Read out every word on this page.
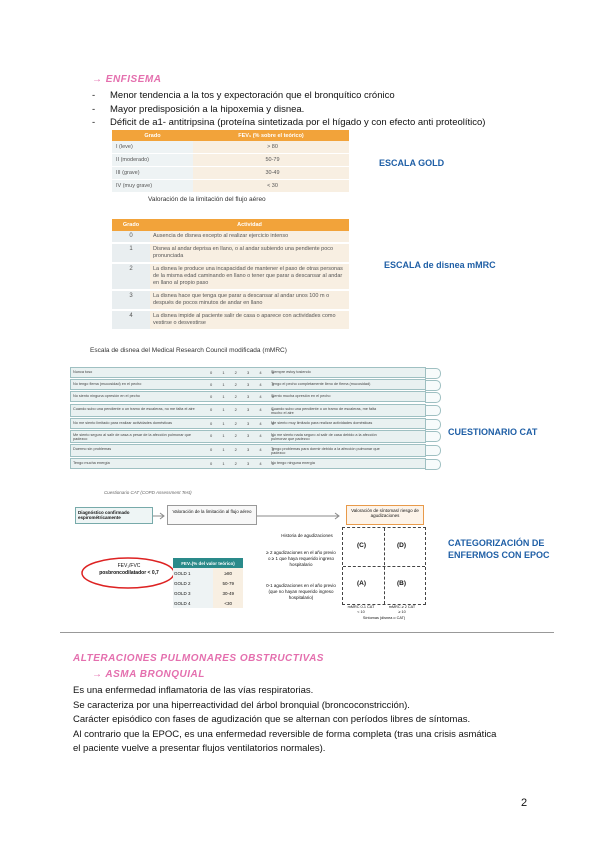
→ ENFISEMA
- Menor tendencia a la tos y expectoración que el bronquítico crónico
- Mayor predisposición a la hipoxemia y disnea.
- Déficit de a1- antitripsina (proteína sintetizada por el hígado y con efecto anti proteolítico)
Grado	FEV₁ (% sobre el teórico)
I (leve)	> 80
II (moderado)	50-79
III (grave)	30-49
IV (muy grave)	< 30
Valoración de la limitación del flujo aéreo
ESCALA GOLD
Grado	Actividad
0	Ausencia de disnea excepto al realizar ejercicio intenso
1	Disnea al andar deprisa en llano, o al andar subiendo una pendiente poco pronunciada
2	La disnea le produce una incapacidad de mantener el paso de otras personas de la misma edad caminando en llano o tener que parar a descansar al andar en llano al propio paso
3	La disnea hace que tenga que parar a descansar al andar unos 100 m o después de pocos minutos de andar en llano
4	La disnea impide al paciente salir de casa o aparece con actividades como vestirse o desvestirse
Escala de disnea del Medical Research Council modificada (mMRC)
ESCALA de disnea mMRC
Nunca toso	0 1 2 3 4 5
Siempre estoy tosiendo
No tengo flema (mucosidad) en el pecho	0 1 2 3 4 5
Tengo el pecho completamente lleno de flema (mucosidad)
No siento ninguna opresión en el pecho	0 1 2 3 4 5
Siento mucha opresión en el pecho
Cuando subo una pendiente o un tramo de escaleras, no me falta el aire	0 1 2 3 4 5
Cuando subo una pendiente o un tramo de escaleras, me falta mucho el aire
No me siento limitado para realizar actividades domésticas	0 1 2 3 4 5
Me siento muy limitado para realizar actividades domésticas
Me siento seguro al salir de casa a pesar de la afección pulmonar que padezco
0 1 2 3 4 5
No me siento nada seguro al salir de casa debido a la afección pulmonar que padezco
Duermo sin problemas	0 1 2 3 4 5
Tengo problemas para dormir debido a la afección pulmonar que padezco
Tengo mucha energía	0 1 2 3 4 5
No tengo ninguna energía
Cuestionario CAT (COPD Assessment Test)
CUESTIONARIO CAT
Diagnóstico confirmado espirométricamente
Valoración de la limitación al flujo aéreo	Valoración de síntomas/ riesgo de agudizaciones
FEV₁/FVC
posbroncodilatador < 0,7
FEV₁(% del valor teórico)	
GOLD 1	≥80
GOLD 2	50-79
GOLD 3	30-49
GOLD 4	<30
Historia de agudizaciones
≥ 2 agudizaciones en el año previo o ≥ 1 que haya requerido ingreso hospitalario
0-1 agudizaciones en el año previo (que no hayan requerido ingreso hospitalario)
(C)	(D)
(A)	(B)
mMRC 0-1 CAT < 10
mMRC ≥ 2 CAT ≥ 10
Síntomas (disnea o CAT)
CATEGORIZACIÓN DE
ENFERMOS CON EPOC
ALTERACIONES PULMONARES OBSTRUCTIVAS
→ ASMA BRONQUIAL
Es una enfermedad inflamatoria de las vías respiratorias.
Se caracteriza por una hiperreactividad del árbol bronquial (broncoconstricción).
Carácter episódico con fases de agudización que se alternan con períodos libres de síntomas.
Al contrario que la EPOC, es una enfermedad reversible de forma completa (tras una crisis asmática
el paciente vuelve a presentar flujos ventilatorios normales).
2
